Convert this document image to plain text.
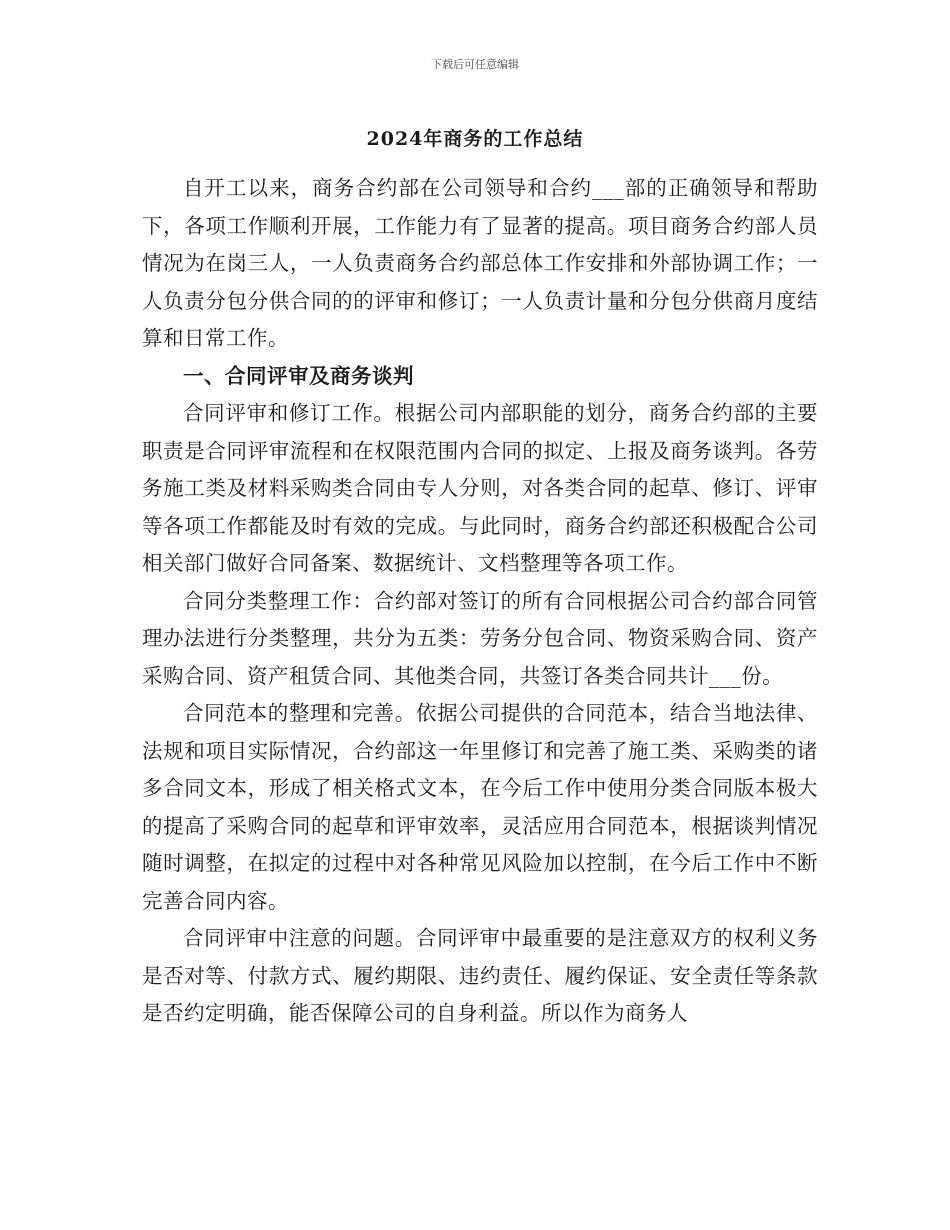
下载后可任意编辑
2024年商务的工作总结

自开工以来，商务合约部在公司领导和合约___部的正确领导和帮助下，各项工作顺利开展，工作能力有了显著的提高。项目商务合约部人员情况为在岗三人，一人负责商务合约部总体工作安排和外部协调工作；一人负责分包分供合同的的评审和修订；一人负责计量和分包分供商月度结算和日常工作。

一、合同评审及商务谈判

合同评审和修订工作。根据公司内部职能的划分，商务合约部的主要职责是合同评审流程和在权限范围内合同的拟定、上报及商务谈判。各劳务施工类及材料采购类合同由专人分则，对各类合同的起草、修订、评审等各项工作都能及时有效的完成。与此同时，商务合约部还积极配合公司相关部门做好合同备案、数据统计、文档整理等各项工作。

合同分类整理工作：合约部对签订的所有合同根据公司合约部合同管理办法进行分类整理，共分为五类：劳务分包合同、物资采购合同、资产采购合同、资产租赁合同、其他类合同，共签订各类合同共计___份。

合同范本的整理和完善。依据公司提供的合同范本，结合当地法律、法规和项目实际情况，合约部这一年里修订和完善了施工类、采购类的诸多合同文本，形成了相关格式文本，在今后工作中使用分类合同版本极大的提高了采购合同的起草和评审效率，灵活应用合同范本，根据谈判情况随时调整，在拟定的过程中对各种常见风险加以控制，在今后工作中不断完善合同内容。

合同评审中注意的问题。合同评审中最重要的是注意双方的权利义务是否对等、付款方式、履约期限、违约责任、履约保证、安全责任等条款是否约定明确，能否保障公司的自身利益。所以作为商务人
